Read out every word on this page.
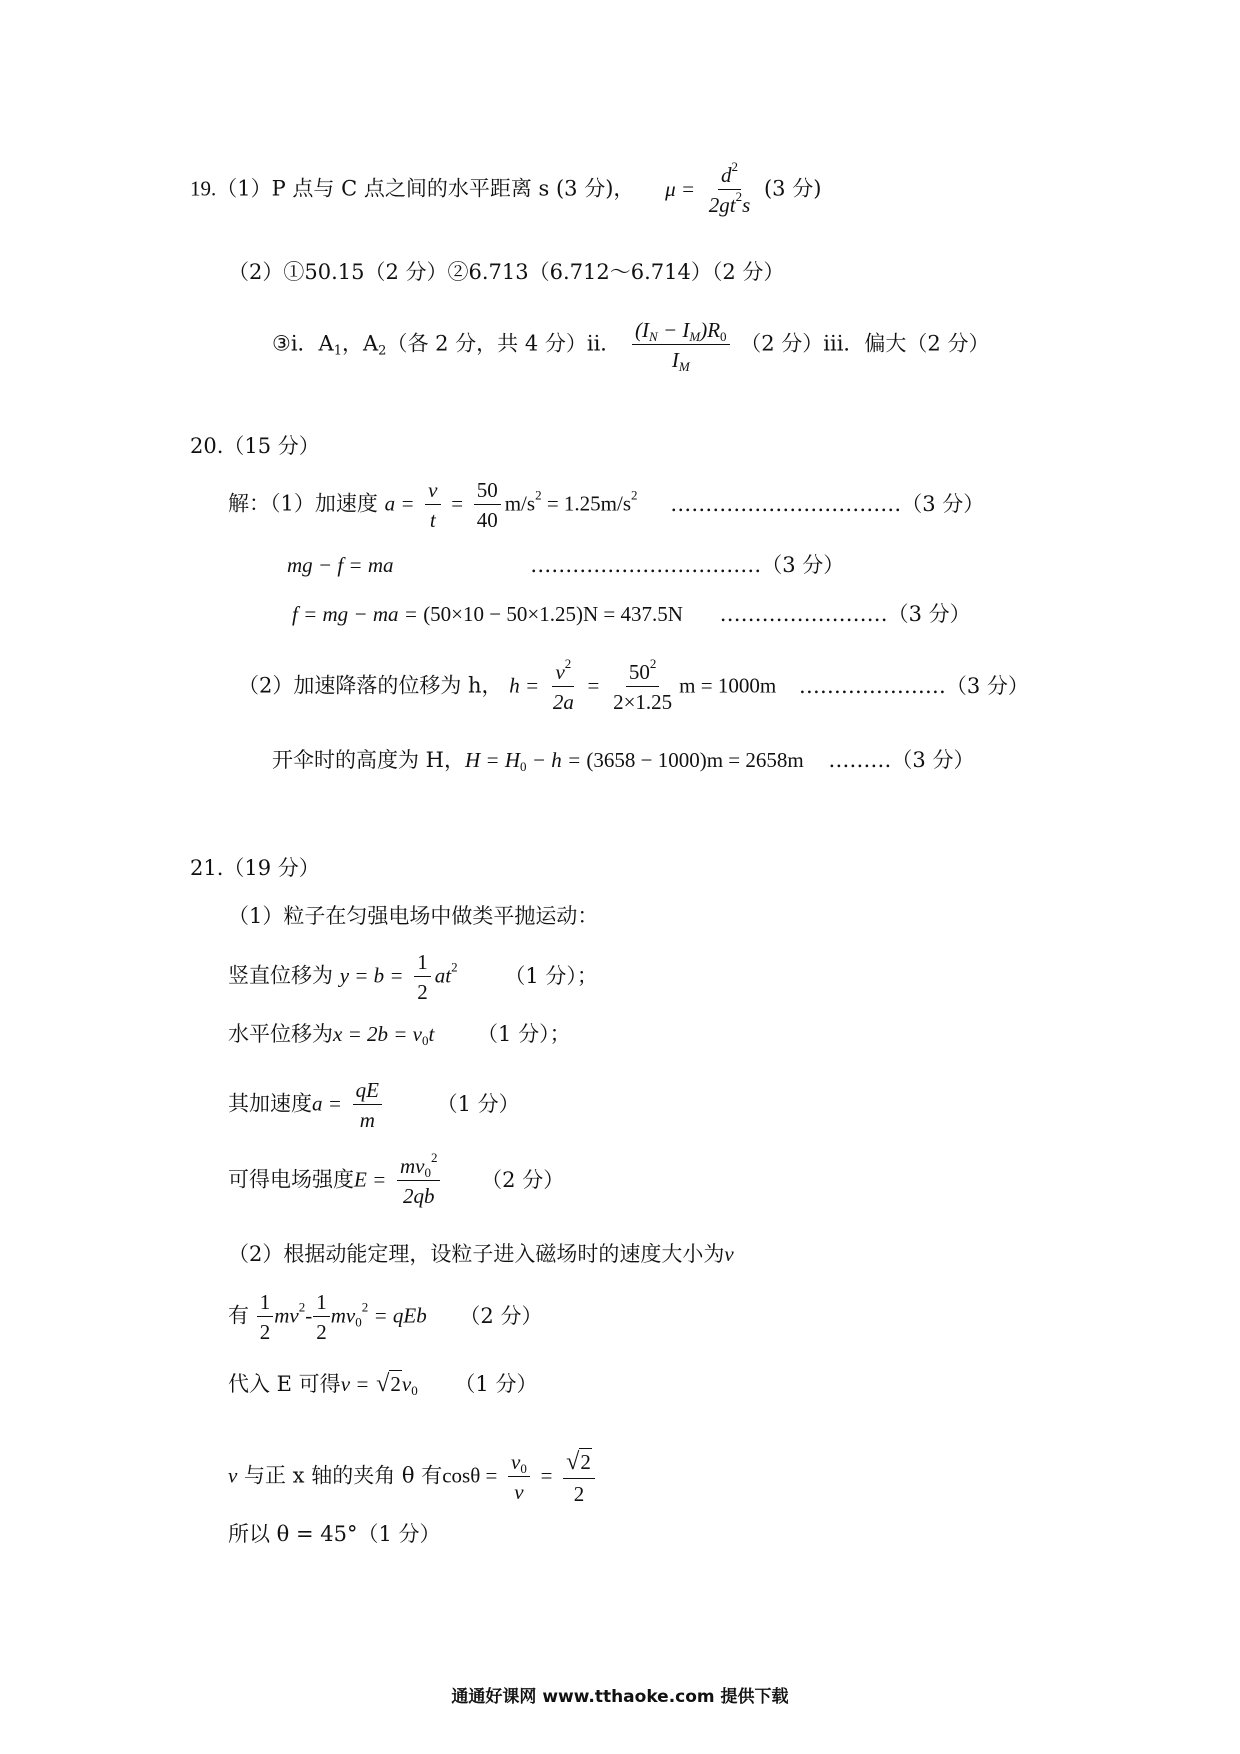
19.（1）P 点与 C 点之间的水平距离 s (3 分)， $\mu = \frac{d^2}{2gt^2s} (3$ 分)
（2）①50.15（2 分）②6.713（6.712～6.714）（2 分）
③i．$A_1$，$A_2$（各 2 分，共 4 分）ii． $\frac{(I_N - I_M)R_0}{I_M} (2$ 分）iii．偏大（2 分）
20.（15 分）
解：（1）加速度 $a = \frac{v}{t} = \frac{50}{40} m/s^2 = 1.25m/s^2$ ……………………………（3 分）
mg − f = ma	……………………………（3 分）
f = mg − ma = (50×10 − 50×1.25)N = 437.5N ……………………（3 分）
（2）加速降落的位移为 h， $h = \frac{v^2}{2a} = \frac{50^2}{2\times 1.25}$ m = 1000m …………………（3 分）
开伞时的高度为 H，$H = H_0 - h = (3658 - 1000)m = 2658m$ ………（3 分）
21.（19 分）
（1）粒子在匀强电场中做类平抛运动：
竖直位移为 $y = b = \frac{1}{2} at^2$ （1 分）；
水平位移为$x = 2b = v_0t$ （1 分）；
其加速度$a = \frac{qE}{m}$	（1 分）
可得电场强度$E = \frac{mv_0^2}{2qb} (2$ 分）
（2）根据动能定理，设粒子进入磁场时的速度大小为v
有 $\frac{1}{2} mv^2- \frac{1}{2} mv_0^2$ = qEb （2 分）
代入 E 可得$v = √2v_0$ （1 分）
v 与正 x 轴的夹角 θ 有$\cos\theta = \frac{v_0}{v} = \frac{√2}{2}$
所以 θ = 45°（1 分）
通通好课网 www.tthaoke.com 提供下载
